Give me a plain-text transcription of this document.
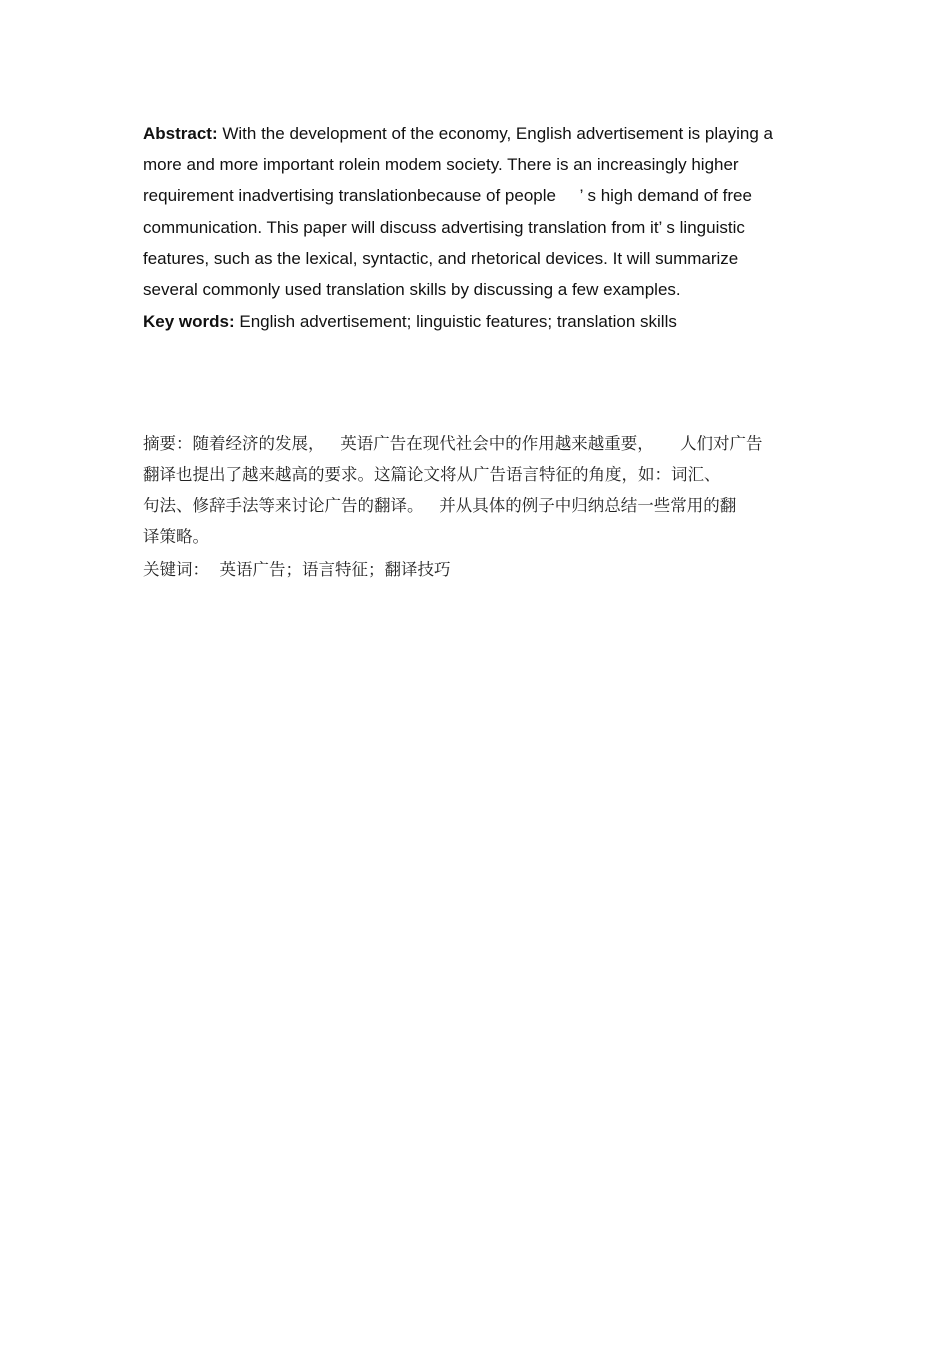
Abstract: With the development of the economy, English advertisement is playing a
more and more important rolein modem society. There is an increasingly higher
requirement inadvertising translationbecause of people     ’ s high demand of free
communication. This paper will discuss advertising translation from it’ s linguistic
features, such as the lexical, syntactic, and rhetorical devices. It will summarize
several commonly used translation skills by discussing a few examples.
Key words: English advertisement; linguistic features; translation skills
摘要：随着经济的发展，   英语广告在现代社会中的作用越来越重要，     人们对广告
翻译也提出了越来越高的要求。这篇论文将从广告语言特征的角度，如：词汇、
句法、修辞手法等来讨论广告的翻译。   并从具体的例子中归纳总结一些常用的翻
译策略。
关键词：  英语广告；语言特征；翻译技巧
